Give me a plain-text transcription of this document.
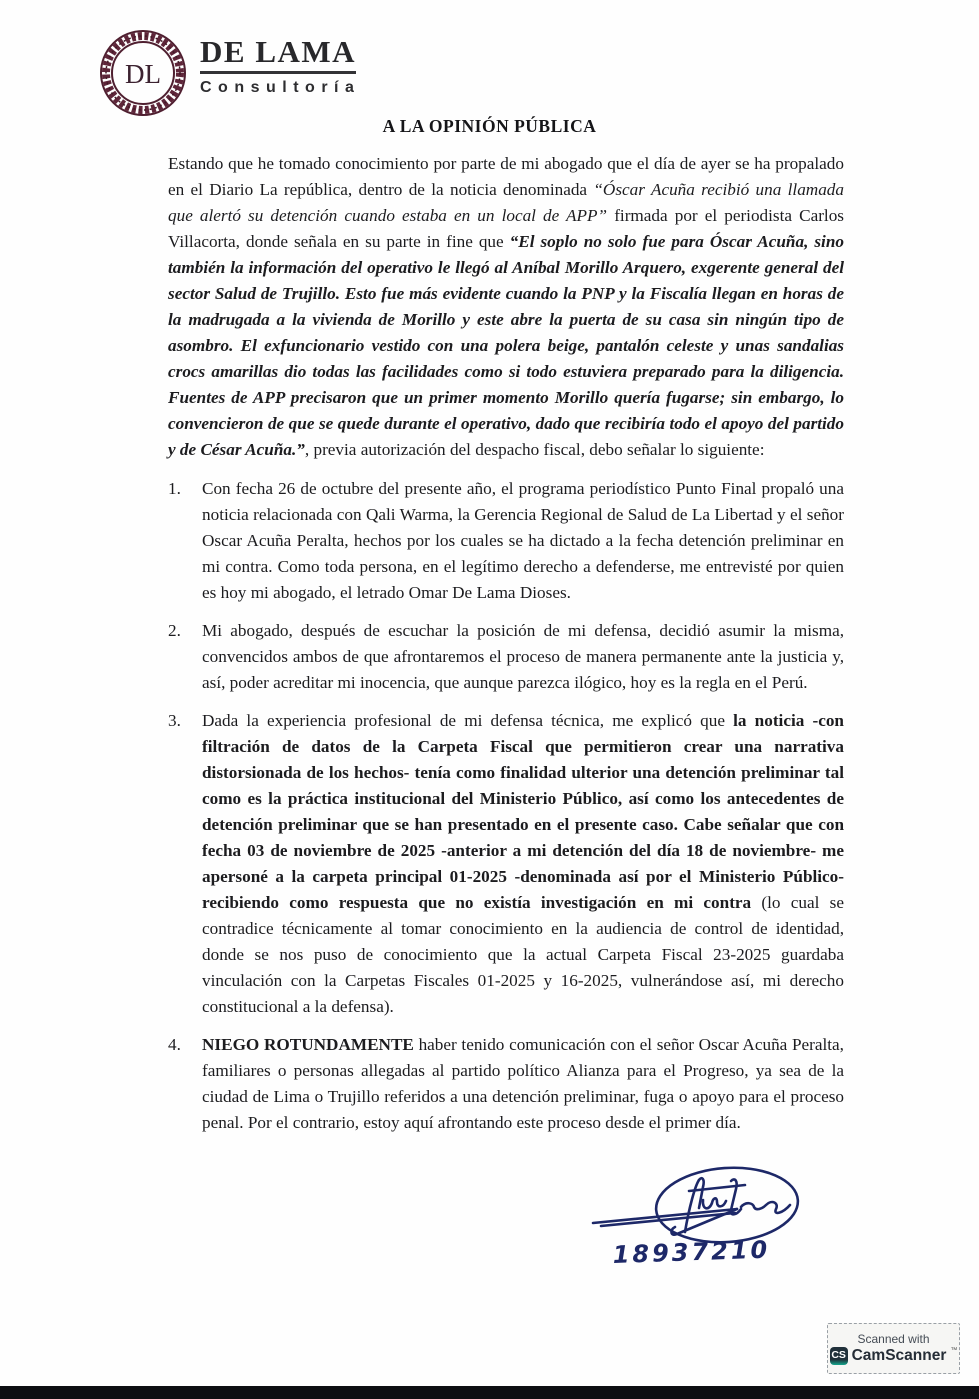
DL
DE LAMA
Consultoría
A LA OPINIÓN PÚBLICA

Estando que he tomado conocimiento por parte de mi abogado que el día de ayer se ha propalado en el Diario La república, dentro de la noticia denominada “Óscar Acuña recibió una llamada que alertó su detención cuando estaba en un local de APP” firmada por el periodista Carlos Villacorta, donde señala en su parte in fine que “El soplo no solo fue para Óscar Acuña, sino también la información del operativo le llegó al Aníbal Morillo Arquero, exgerente general del sector Salud de Trujillo. Esto fue más evidente cuando la PNP y la Fiscalía llegan en horas de la madrugada a la vivienda de Morillo y este abre la puerta de su casa sin ningún tipo de asombro. El exfuncionario vestido con una polera beige, pantalón celeste y unas sandalias crocs amarillas dio todas las facilidades como si todo estuviera preparado para la diligencia. Fuentes de APP precisaron que un primer momento Morillo quería fugarse; sin embargo, lo convencieron de que se quede durante el operativo, dado que recibiría todo el apoyo del partido y de César Acuña.”, previa autorización del despacho fiscal, debo señalar lo siguiente:

1.	Con fecha 26 de octubre del presente año, el programa periodístico Punto Final propaló una noticia relacionada con Qali Warma, la Gerencia Regional de Salud de La Libertad y el señor Oscar Acuña Peralta, hechos por los cuales se ha dictado a la fecha detención preliminar en mi contra. Como toda persona, en el legítimo derecho a defenderse, me entrevisté por quien es hoy mi abogado, el letrado Omar De Lama Dioses.

2.	Mi abogado, después de escuchar la posición de mi defensa, decidió asumir la misma, convencidos ambos de que afrontaremos el proceso de manera permanente ante la justicia y, así, poder acreditar mi inocencia, que aunque parezca ilógico, hoy es la regla en el Perú.

3.	Dada la experiencia profesional de mi defensa técnica, me explicó que la noticia -con filtración de datos de la Carpeta Fiscal que permitieron crear una narrativa distorsionada de los hechos- tenía como finalidad ulterior una detención preliminar tal como es la práctica institucional del Ministerio Público, así como los antecedentes de detención preliminar que se han presentado en el presente caso. Cabe señalar que con fecha 03 de noviembre de 2025 -anterior a mi detención del día 18 de noviembre- me apersoné a la carpeta principal 01-2025 -denominada así por el Ministerio Público- recibiendo como respuesta que no existía investigación en mi contra (lo cual se contradice técnicamente al tomar conocimiento en la audiencia de control de identidad, donde se nos puso de conocimiento que la actual Carpeta Fiscal 23-2025 guardaba vinculación con la Carpetas Fiscales 01-2025 y 16-2025, vulnerándose así, mi derecho constitucional a la defensa).

4.	NIEGO ROTUNDAMENTE haber tenido comunicación con el señor Oscar Acuña Peralta, familiares o personas allegadas al partido político Alianza para el Progreso, ya sea de la ciudad de Lima o Trujillo referidos a una detención preliminar, fuga o apoyo para el proceso penal. Por el contrario, estoy aquí afrontando este proceso desde el primer día.

18937210
Scanned with
CS CamScanner ™
